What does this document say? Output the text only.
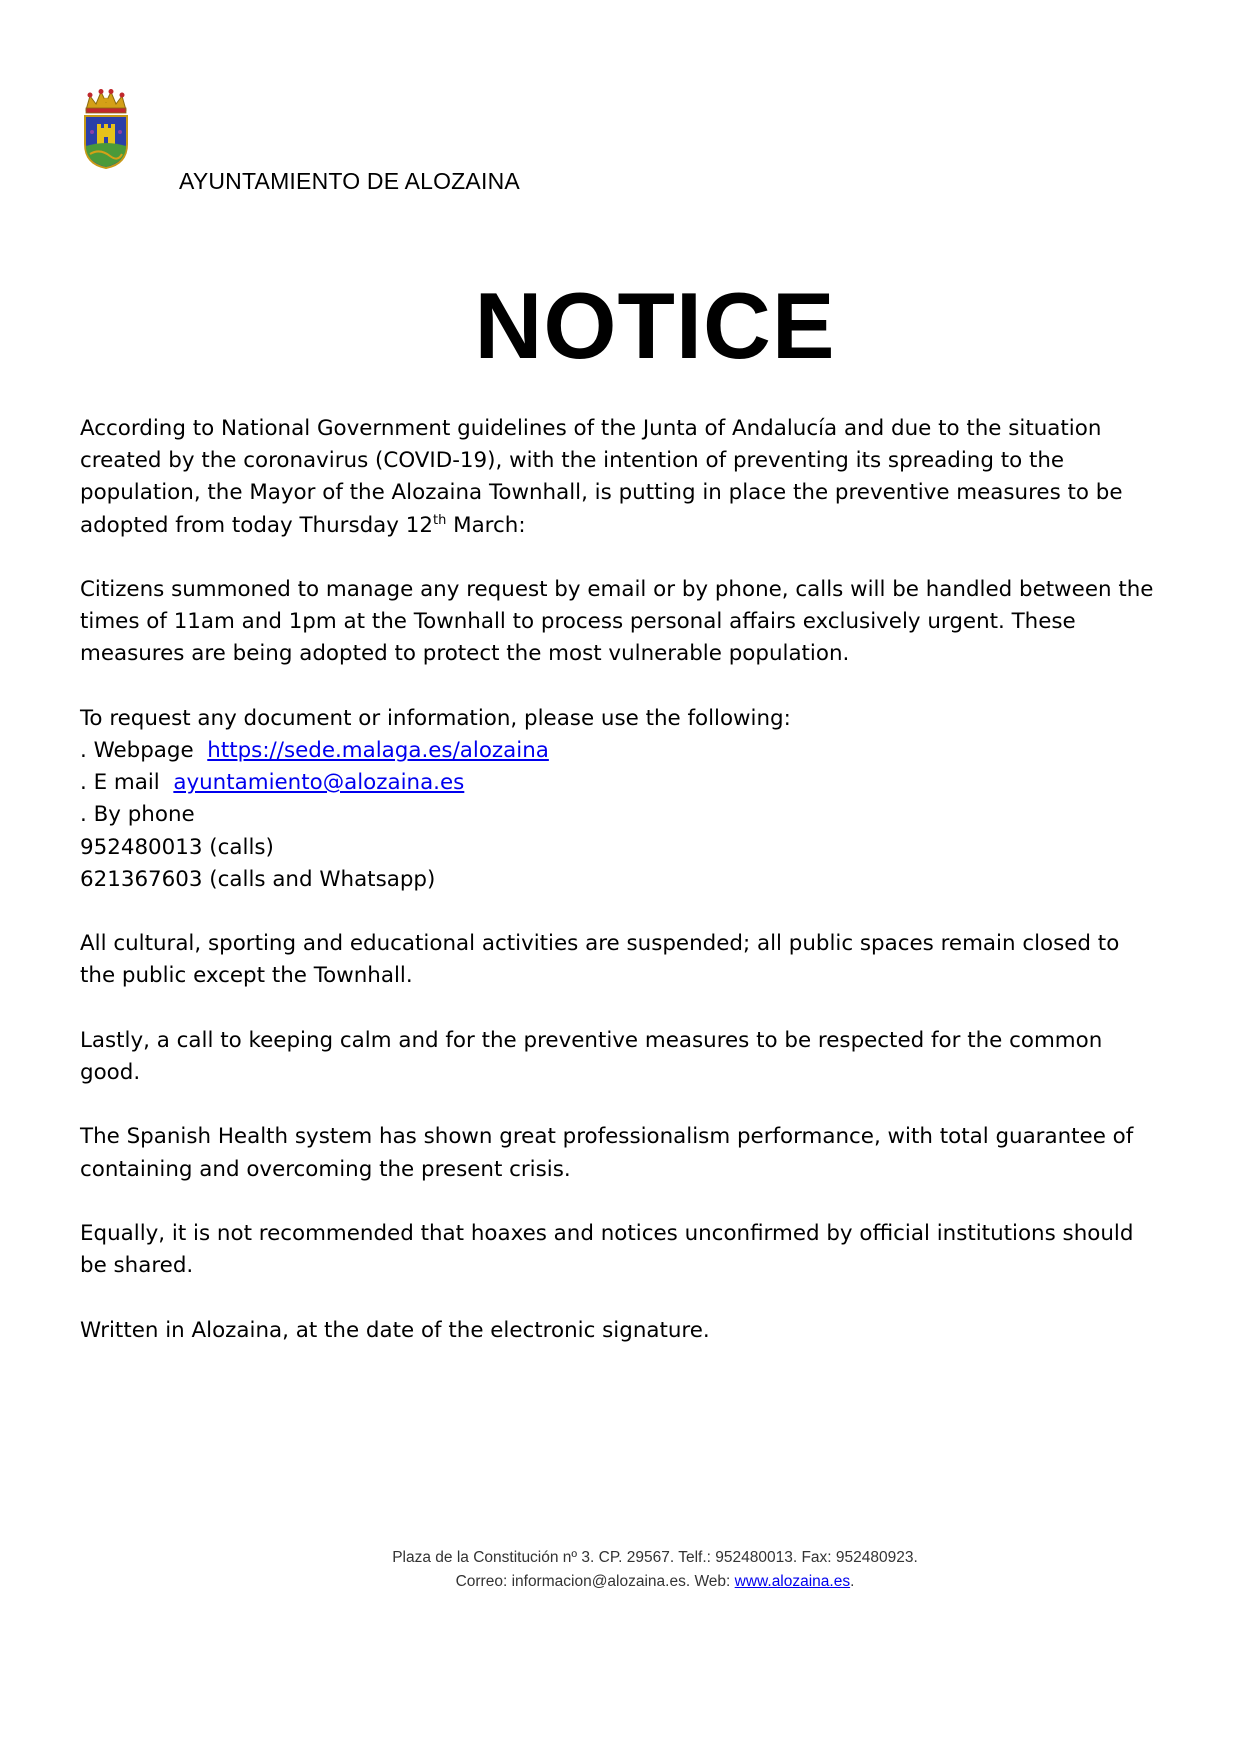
AYUNTAMIENTO DE ALOZAINA
NOTICE

According to National Government guidelines of the Junta of Andalucía and due to the situation
created by the coronavirus (COVID-19), with the intention of preventing its spreading to the
population, the Mayor of the Alozaina Townhall, is putting in place the preventive measures to be
adopted from today Thursday 12th March:

Citizens summoned to manage any request by email or by phone, calls will be handled between the
times of 11am and 1pm at the Townhall to process personal affairs exclusively urgent. These
measures are being adopted to protect the most vulnerable population.

To request any document or information, please use the following:
. Webpage  https://sede.malaga.es/alozaina
. E mail  ayuntamiento@alozaina.es
. By phone
952480013 (calls)
621367603 (calls and Whatsapp)

All cultural, sporting and educational activities are suspended; all public spaces remain closed to
the public except the Townhall.

Lastly, a call to keeping calm and for the preventive measures to be respected for the common
good.

The Spanish Health system has shown great professionalism performance, with total guarantee of
containing and overcoming the present crisis.

Equally, it is not recommended that hoaxes and notices unconfirmed by official institutions should
be shared.

Written in Alozaina, at the date of the electronic signature.

Plaza de la Constitución nº 3. CP. 29567. Telf.: 952480013. Fax: 952480923.
Correo: informacion@alozaina.es. Web: www.alozaina.es.
